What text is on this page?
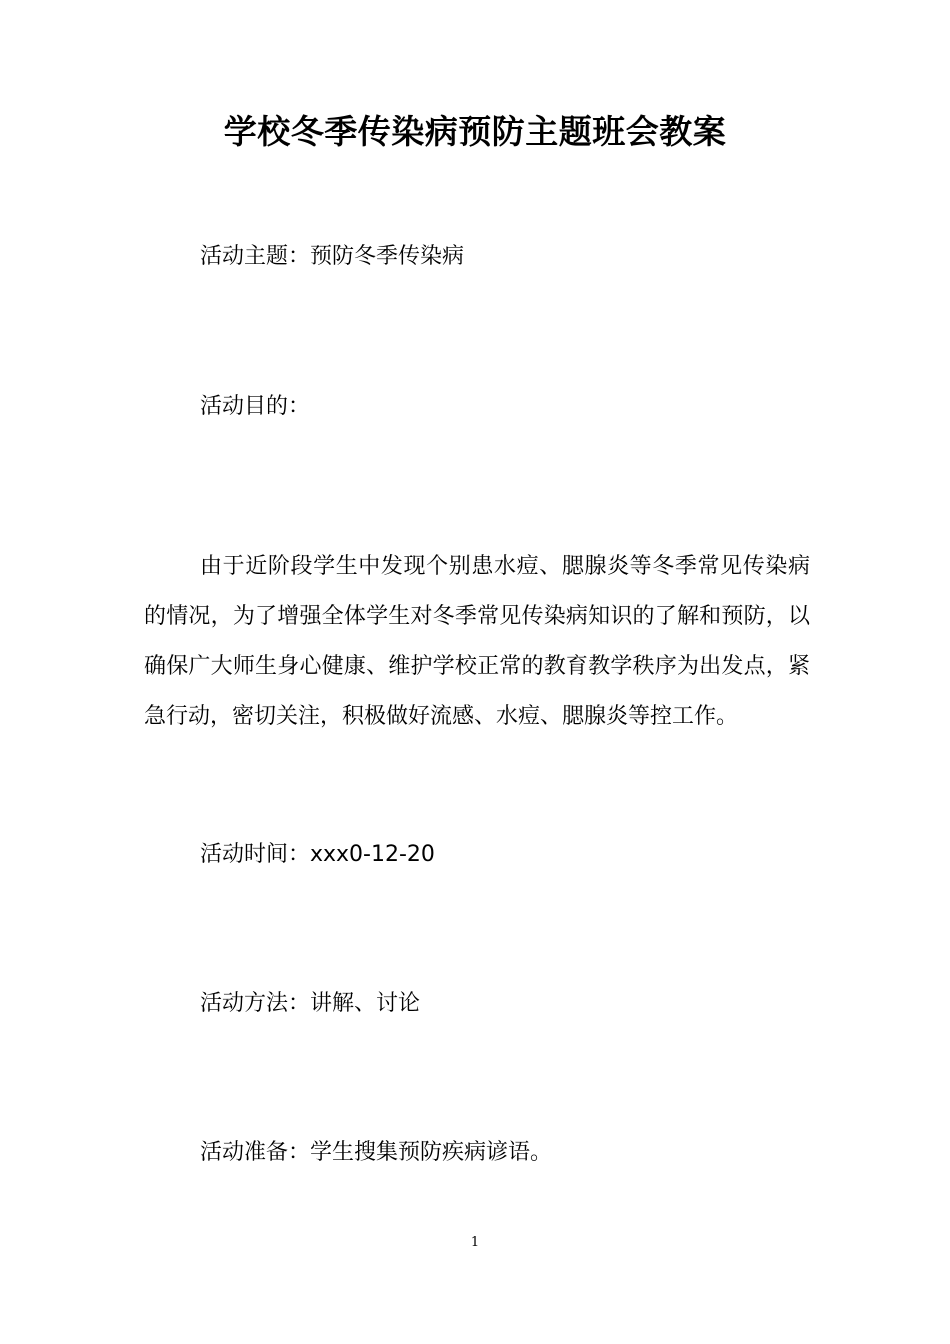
学校冬季传染病预防主题班会教案
活动主题：预防冬季传染病
活动目的：
由于近阶段学生中发现个别患水痘、腮腺炎等冬季常见传染病的情况，为了增强全体学生对冬季常见传染病知识的了解和预防，以确保广大师生身心健康、维护学校正常的教育教学秩序为出发点，紧急行动，密切关注，积极做好流感、水痘、腮腺炎等控工作。
活动时间：xxx0-12-20
活动方法：讲解、讨论
活动准备：学生搜集预防疾病谚语。
1
